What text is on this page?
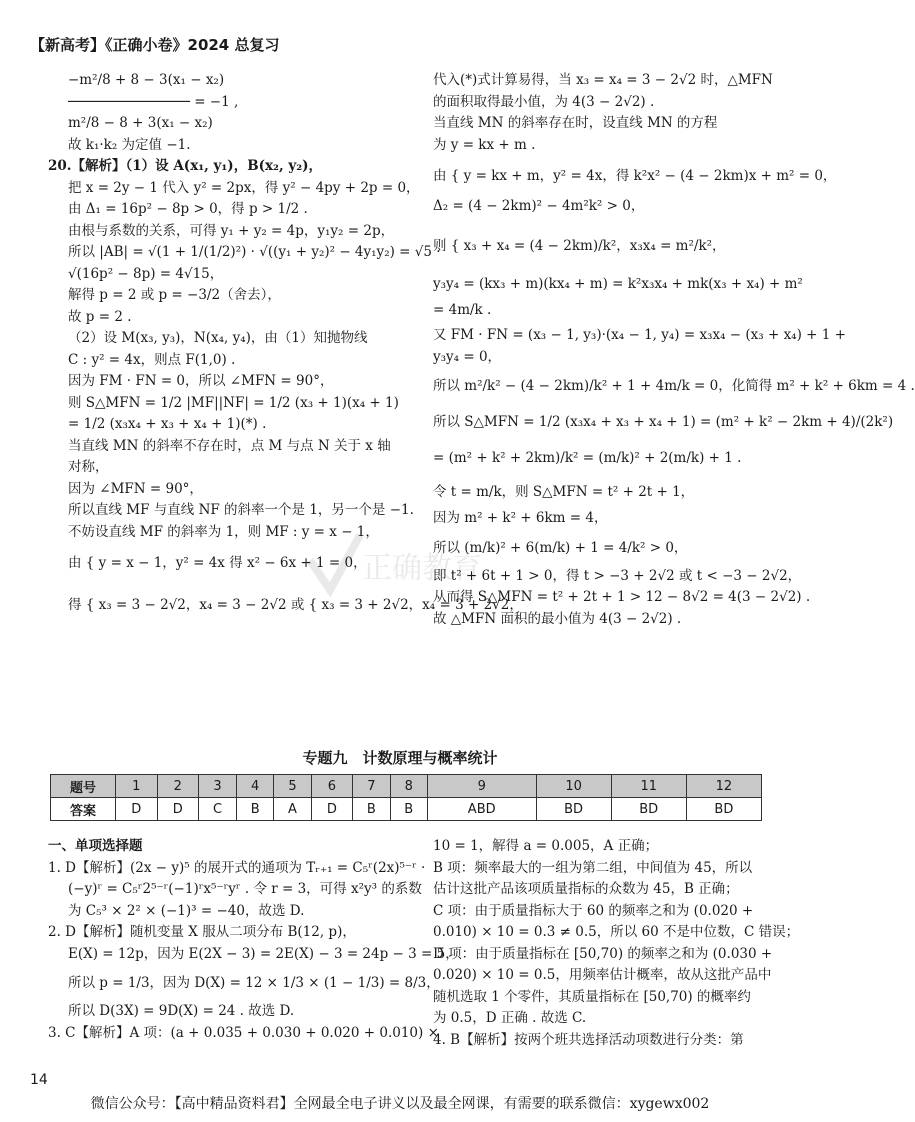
【新高考】《正确小卷》2024 总复习
正确教育

−m²/8 + 8 − 3(x₁ − x₂)

─────────────── = −1 ,

m²/8 − 8 + 3(x₁ − x₂)

故 k₁·k₂ 为定值 −1.

20.【解析】（1）设 A(x₁, y₁)，B(x₂, y₂)，

把 x = 2y − 1 代入 y² = 2px，得 y² − 4py + 2p = 0，

由 Δ₁ = 16p² − 8p > 0，得 p > 1/2 .

由根与系数的关系，可得 y₁ + y₂ = 4p，y₁y₂ = 2p，

所以 |AB| = √(1 + 1/(1/2)²) · √((y₁ + y₂)² − 4y₁y₂) = √5 ·

√(16p² − 8p) = 4√15，

解得 p = 2 或 p = −3/2（舍去），

故 p = 2 .

（2）设 M(x₃, y₃)，N(x₄, y₄)，由（1）知抛物线

C : y² = 4x，则点 F(1,0) .

因为 FM · FN = 0，所以 ∠MFN = 90°，

则 S△MFN = 1/2 |MF||NF| = 1/2 (x₃ + 1)(x₄ + 1)

= 1/2 (x₃x₄ + x₃ + x₄ + 1)(*) .

当直线 MN 的斜率不存在时，点 M 与点 N 关于 x 轴

对称，

因为 ∠MFN = 90°，

所以直线 MF 与直线 NF 的斜率一个是 1，另一个是 −1.

不妨设直线 MF 的斜率为 1，则 MF : y = x − 1，

由 { y = x − 1，y² = 4x 得 x² − 6x + 1 = 0，

得 { x₃ = 3 − 2√2，x₄ = 3 − 2√2 或 { x₃ = 3 + 2√2，x₄ = 3 + 2√2，

代入(*)式计算易得，当 x₃ = x₄ = 3 − 2√2 时，△MFN

的面积取得最小值，为 4(3 − 2√2) .

当直线 MN 的斜率存在时，设直线 MN 的方程

为 y = kx + m .

由 { y = kx + m，y² = 4x，得 k²x² − (4 − 2km)x + m² = 0，

Δ₂ = (4 − 2km)² − 4m²k² > 0，

则 { x₃ + x₄ = (4 − 2km)/k²，x₃x₄ = m²/k²，

y₃y₄ = (kx₃ + m)(kx₄ + m) = k²x₃x₄ + mk(x₃ + x₄) + m²

= 4m/k .

又 FM · FN = (x₃ − 1, y₃)·(x₄ − 1, y₄) = x₃x₄ − (x₃ + x₄) + 1 +

y₃y₄ = 0，

所以 m²/k² − (4 − 2km)/k² + 1 + 4m/k = 0，化简得 m² + k² + 6km = 4 .

所以 S△MFN = 1/2 (x₃x₄ + x₃ + x₄ + 1) = (m² + k² − 2km + 4)/(2k²)

= (m² + k² + 2km)/k² = (m/k)² + 2(m/k) + 1 .

令 t = m/k，则 S△MFN = t² + 2t + 1，

因为 m² + k² + 6km = 4，

所以 (m/k)² + 6(m/k) + 1 = 4/k² > 0，

即 t² + 6t + 1 > 0，得 t > −3 + 2√2 或 t < −3 − 2√2，

从而得 S△MFN = t² + 2t + 1 > 12 − 8√2 = 4(3 − 2√2) .

故 △MFN 面积的最小值为 4(3 − 2√2) .

专题九　计数原理与概率统计
题号	1	2	3	4	5	6	7	8	9	10	11	12
答案	D	D	C	B	A	D	B	B	ABD	BD	BD	BD

一、单项选择题

1. D【解析】(2x − y)⁵ 的展开式的通项为 Tᵣ₊₁ = C₅ʳ(2x)⁵⁻ʳ ·

(−y)ʳ = C₅ʳ2⁵⁻ʳ(−1)ʳx⁵⁻ʳyʳ . 令 r = 3，可得 x²y³ 的系数

为 C₅³ × 2² × (−1)³ = −40，故选 D.

2. D【解析】随机变量 X 服从二项分布 B(12, p)，

E(X) = 12p，因为 E(2X − 3) = 2E(X) − 3 = 24p − 3 = 5，

所以 p = 1/3，因为 D(X) = 12 × 1/3 × (1 − 1/3) = 8/3，

所以 D(3X) = 9D(X) = 24 . 故选 D.

3. C【解析】A 项：(a + 0.035 + 0.030 + 0.020 + 0.010) ×

10 = 1，解得 a = 0.005，A 正确；

B 项：频率最大的一组为第二组，中间值为 45，所以

估计这批产品该项质量指标的众数为 45，B 正确；

C 项：由于质量指标大于 60 的频率之和为 (0.020 +

0.010) × 10 = 0.3 ≠ 0.5，所以 60 不是中位数，C 错误；

D 项：由于质量指标在 [50,70) 的频率之和为 (0.030 +

0.020) × 10 = 0.5，用频率估计概率，故从这批产品中

随机选取 1 个零件，其质量指标在 [50,70) 的概率约

为 0.5，D 正确 . 故选 C.

4. B【解析】按两个班共选择活动项数进行分类：第

14
微信公众号：【高中精品资料君】全网最全电子讲义以及最全网课，有需要的联系微信：xygewx002
